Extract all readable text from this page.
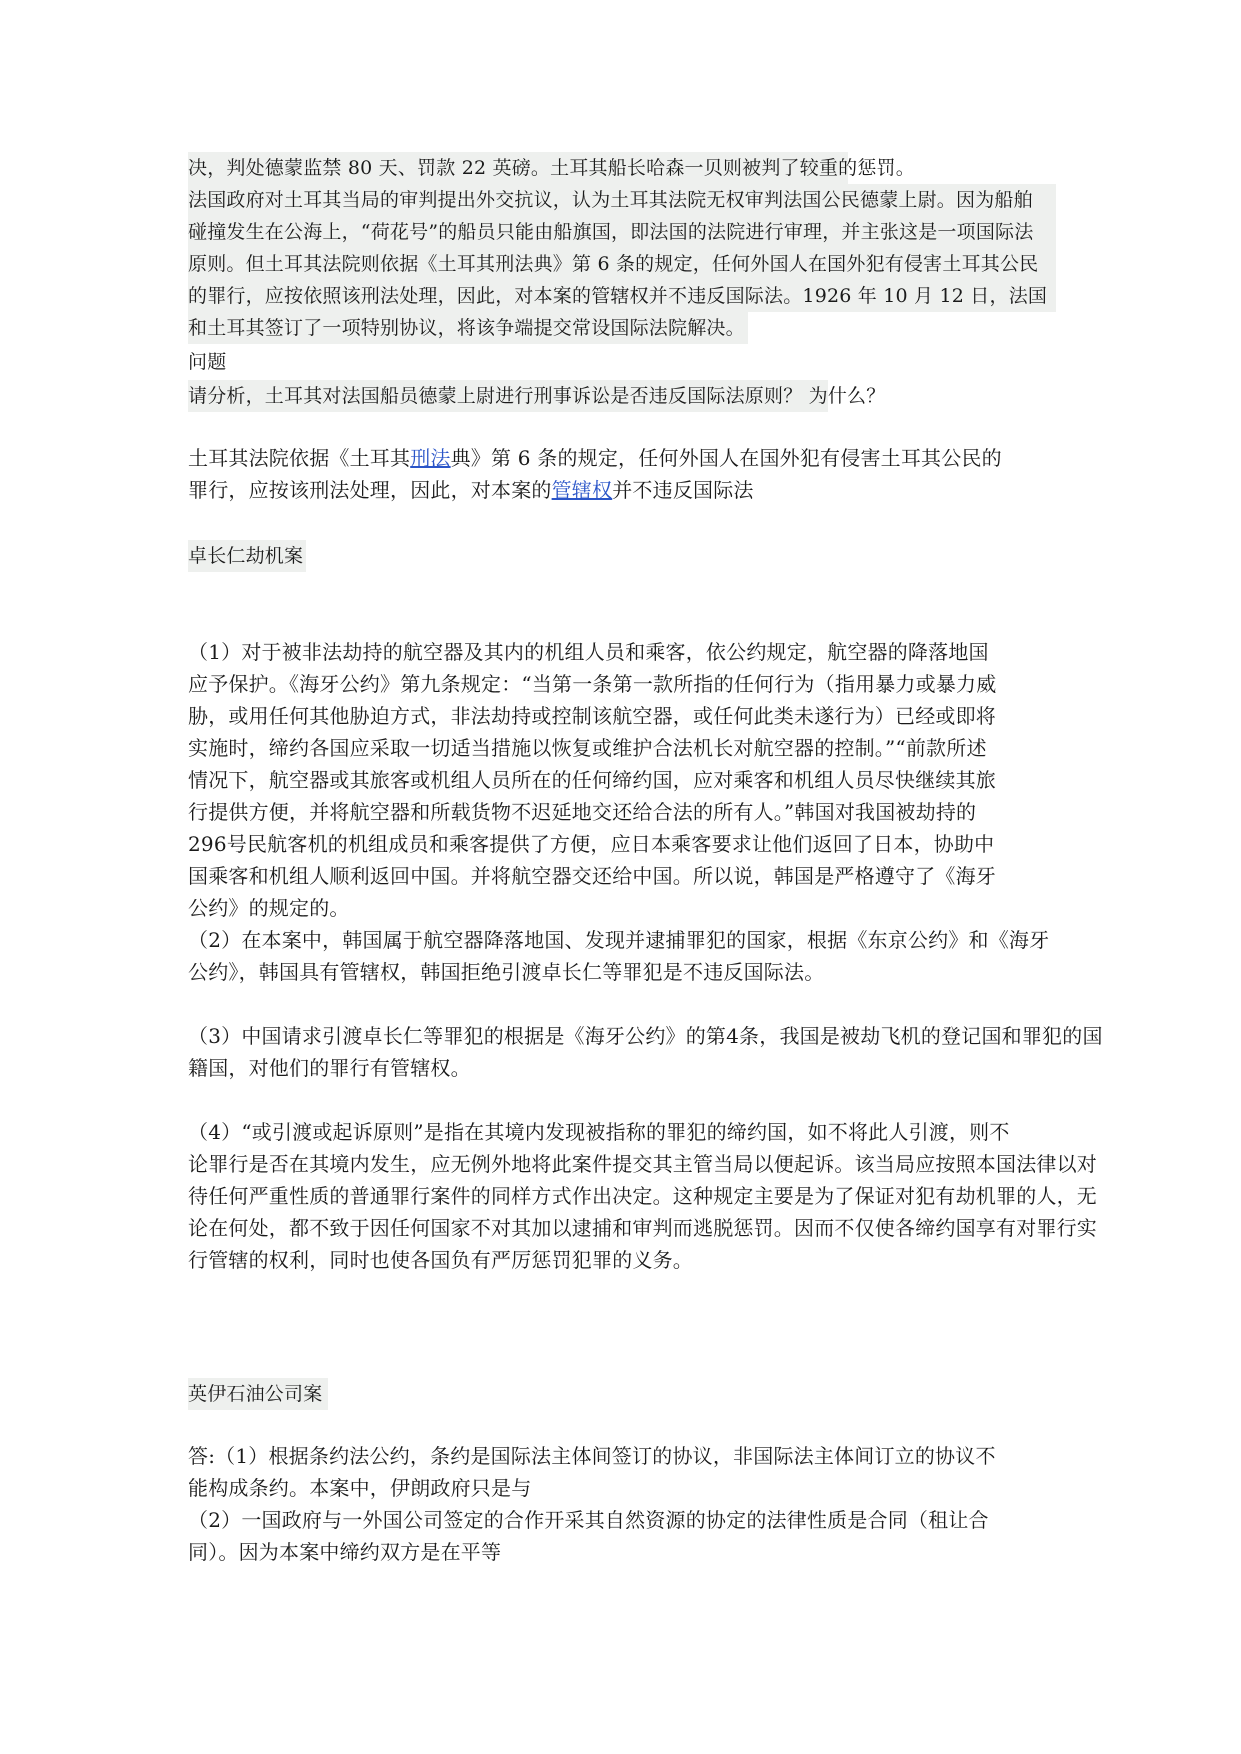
决，判处德蒙监禁 80 天、罚款 22 英磅。土耳其船长哈森一贝则被判了较重的惩罚。
法国政府对土耳其当局的审判提出外交抗议，认为土耳其法院无权审判法国公民德蒙上尉。因为船舶
碰撞发生在公海上，“荷花号”的船员只能由船旗国，即法国的法院进行审理，并主张这是一项国际法
原则。但土耳其法院则依据《土耳其刑法典》第 6 条的规定，任何外国人在国外犯有侵害土耳其公民
的罪行，应按依照该刑法处理，因此，对本案的管辖权并不违反国际法。1926 年 10 月 12 日，法国
和土耳其签订了一项特别协议，将该争端提交常设国际法院解决。
问题
请分析，土耳其对法国船员德蒙上尉进行刑事诉讼是否违反国际法原则？ 为什么？
土耳其法院依据《土耳其刑法典》第 6 条的规定，任何外国人在国外犯有侵害土耳其公民的
罪行，应按该刑法处理，因此，对本案的管辖权并不违反国际法
卓长仁劫机案
（1）对于被非法劫持的航空器及其内的机组人员和乘客，依公约规定，航空器的降落地国
应予保护。《海牙公约》第九条规定：“当第一条第一款所指的任何行为（指用暴力或暴力威
胁，或用任何其他胁迫方式，非法劫持或控制该航空器，或任何此类未遂行为）已经或即将
实施时，缔约各国应采取一切适当措施以恢复或维护合法机长对航空器的控制。”“前款所述
情况下，航空器或其旅客或机组人员所在的任何缔约国，应对乘客和机组人员尽快继续其旅
行提供方便，并将航空器和所载货物不迟延地交还给合法的所有人。”韩国对我国被劫持的
296号民航客机的机组成员和乘客提供了方便，应日本乘客要求让他们返回了日本，协助中
国乘客和机组人顺利返回中国。并将航空器交还给中国。所以说，韩国是严格遵守了《海牙
公约》的规定的。
（2）在本案中，韩国属于航空器降落地国、发现并逮捕罪犯的国家，根据《东京公约》和《海牙
公约》，韩国具有管辖权，韩国拒绝引渡卓长仁等罪犯是不违反国际法。
（3）中国请求引渡卓长仁等罪犯的根据是《海牙公约》的第4条，我国是被劫飞机的登记国和罪犯的国
籍国，对他们的罪行有管辖权。
（4）“或引渡或起诉原则”是指在其境内发现被指称的罪犯的缔约国，如不将此人引渡，则不
论罪行是否在其境内发生，应无例外地将此案件提交其主管当局以便起诉。该当局应按照本国法律以对
待任何严重性质的普通罪行案件的同样方式作出决定。这种规定主要是为了保证对犯有劫机罪的人，无
论在何处，都不致于因任何国家不对其加以逮捕和审判而逃脱惩罚。因而不仅使各缔约国享有对罪行实
行管辖的权利，同时也使各国负有严厉惩罚犯罪的义务。
英伊石油公司案
答:（1）根据条约法公约，条约是国际法主体间签订的协议，非国际法主体间订立的协议不
能构成条约。本案中，伊朗政府只是与
（2）一国政府与一外国公司签定的合作开采其自然资源的协定的法律性质是合同（租让合
同）。因为本案中缔约双方是在平等
